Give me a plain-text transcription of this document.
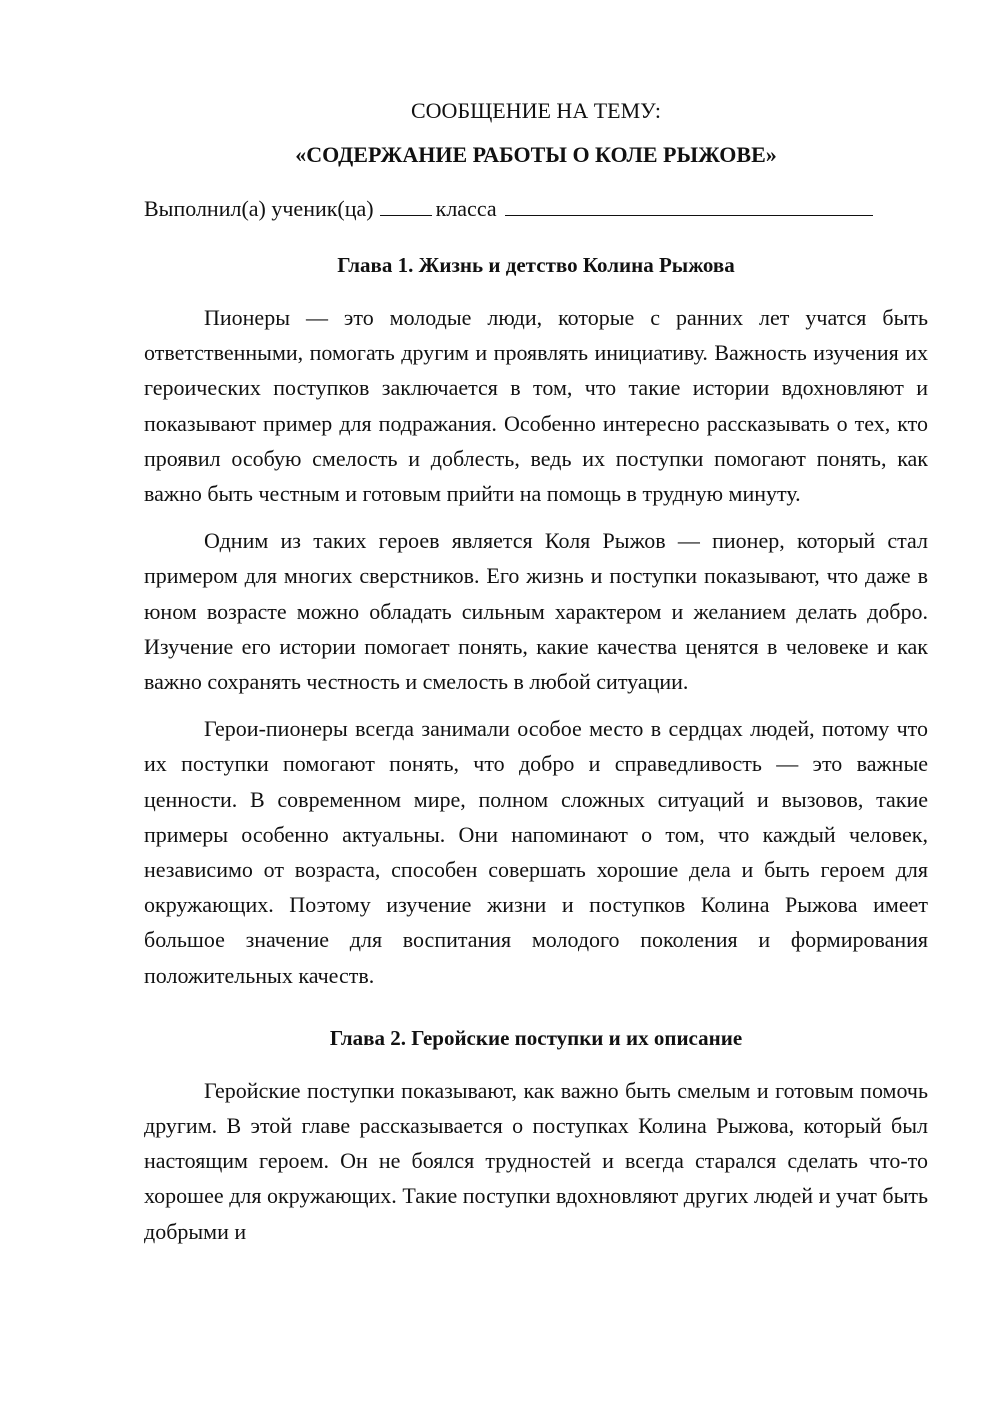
СООБЩЕНИЕ НА ТЕМУ:

«СОДЕРЖАНИЕ РАБОТЫ О КОЛЕ РЫЖОВЕ»

Выполнил(а) ученик(ца)	класса

Глава 1. Жизнь и детство Колина Рыжова

Пионеры — это молодые люди, которые с ранних лет учатся быть ответственными, помогать другим и проявлять инициативу. Важность изучения их героических поступков заключается в том, что такие истории вдохновляют и показывают пример для подражания. Особенно интересно рассказывать о тех, кто проявил особую смелость и доблесть, ведь их поступки помогают понять, как важно быть честным и готовым прийти на помощь в трудную минуту.

Одним из таких героев является Коля Рыжов — пионер, который стал примером для многих сверстников. Его жизнь и поступки показывают, что даже в юном возрасте можно обладать сильным характером и желанием делать добро. Изучение его истории помогает понять, какие качества ценятся в человеке и как важно сохранять честность и смелость в любой ситуации.

Герои-пионеры всегда занимали особое место в сердцах людей, потому что их поступки помогают понять, что добро и справедливость — это важные ценности. В современном мире, полном сложных ситуаций и вызовов, такие примеры особенно актуальны. Они напоминают о том, что каждый человек, независимо от возраста, способен совершать хорошие дела и быть героем для окружающих. Поэтому изучение жизни и поступков Колина Рыжова имеет большое значение для воспитания молодого поколения и формирования положительных качеств.

Глава 2. Геройские поступки и их описание

Геройские поступки показывают, как важно быть смелым и готовым помочь другим. В этой главе рассказывается о поступках Колина Рыжова, который был настоящим героем. Он не боялся трудностей и всегда старался сделать что-то хорошее для окружающих. Такие поступки вдохновляют других людей и учат быть добрыми и
